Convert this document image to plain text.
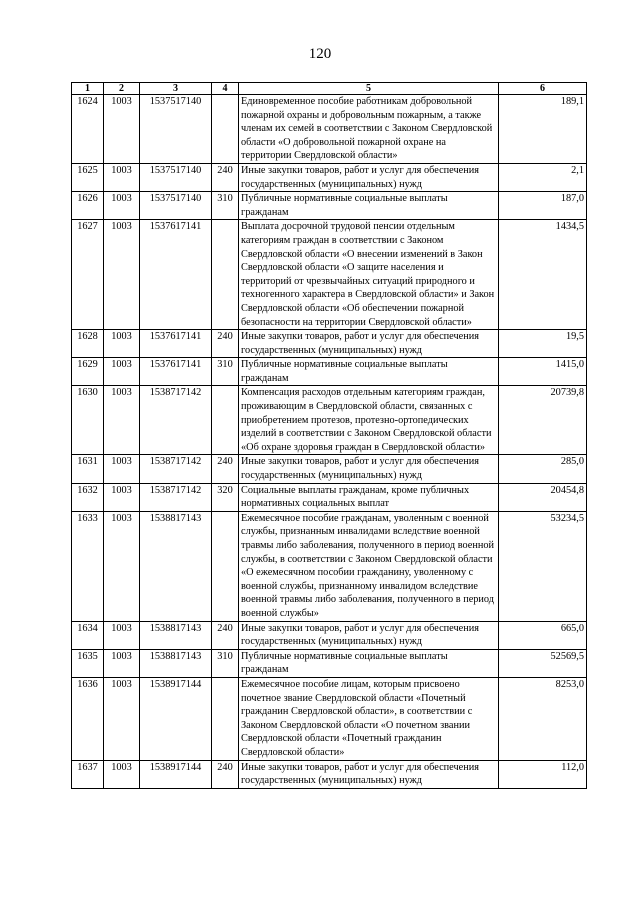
120
1	2	3	4	5	6
1624	1003	1537517140		Единовременное пособие работникам добровольной пожарной охраны и добровольным пожарным, а также членам их семей в соответствии с Законом Свердловской области «О добровольной пожарной охране на территории Свердловской области»	189,1
1625	1003	1537517140	240	Иные закупки товаров, работ и услуг для обеспечения государственных (муниципальных) нужд	2,1
1626	1003	1537517140	310	Публичные нормативные социальные выплаты гражданам	187,0
1627	1003	1537617141		Выплата досрочной трудовой пенсии отдельным категориям граждан в соответствии с Законом Свердловской области «О внесении изменений в Закон Свердловской области «О защите населения и территорий от чрезвычайных ситуаций природного и техногенного характера в Свердловской области» и Закон Свердловской области «Об обеспечении пожарной безопасности на территории Свердловской области»	1434,5
1628	1003	1537617141	240	Иные закупки товаров, работ и услуг для обеспечения государственных (муниципальных) нужд	19,5
1629	1003	1537617141	310	Публичные нормативные социальные выплаты гражданам	1415,0
1630	1003	1538717142		Компенсация расходов отдельным категориям граждан, проживающим в Свердловской области, связанных с приобретением протезов, протезно-ортопедических изделий в соответствии с Законом Свердловской области «Об охране здоровья граждан в Свердловской области»	20739,8
1631	1003	1538717142	240	Иные закупки товаров, работ и услуг для обеспечения государственных (муниципальных) нужд	285,0
1632	1003	1538717142	320	Социальные выплаты гражданам, кроме публичных нормативных социальных выплат	20454,8
1633	1003	1538817143		Ежемесячное пособие гражданам, уволенным с военной службы, признанным инвалидами вследствие военной травмы либо заболевания, полученного в период военной службы, в соответствии с Законом Свердловской области «О ежемесячном пособии гражданину, уволенному с военной службы, признанному инвалидом вследствие военной травмы либо заболевания, полученного в период военной службы»	53234,5
1634	1003	1538817143	240	Иные закупки товаров, работ и услуг для обеспечения государственных (муниципальных) нужд	665,0
1635	1003	1538817143	310	Публичные нормативные социальные выплаты гражданам	52569,5
1636	1003	1538917144		Ежемесячное пособие лицам, которым присвоено почетное звание Свердловской области «Почетный гражданин Свердловской области», в соответствии с Законом Свердловской области «О почетном звании Свердловской области «Почетный гражданин Свердловской области»	8253,0
1637	1003	1538917144	240	Иные закупки товаров, работ и услуг для обеспечения государственных (муниципальных) нужд	112,0
